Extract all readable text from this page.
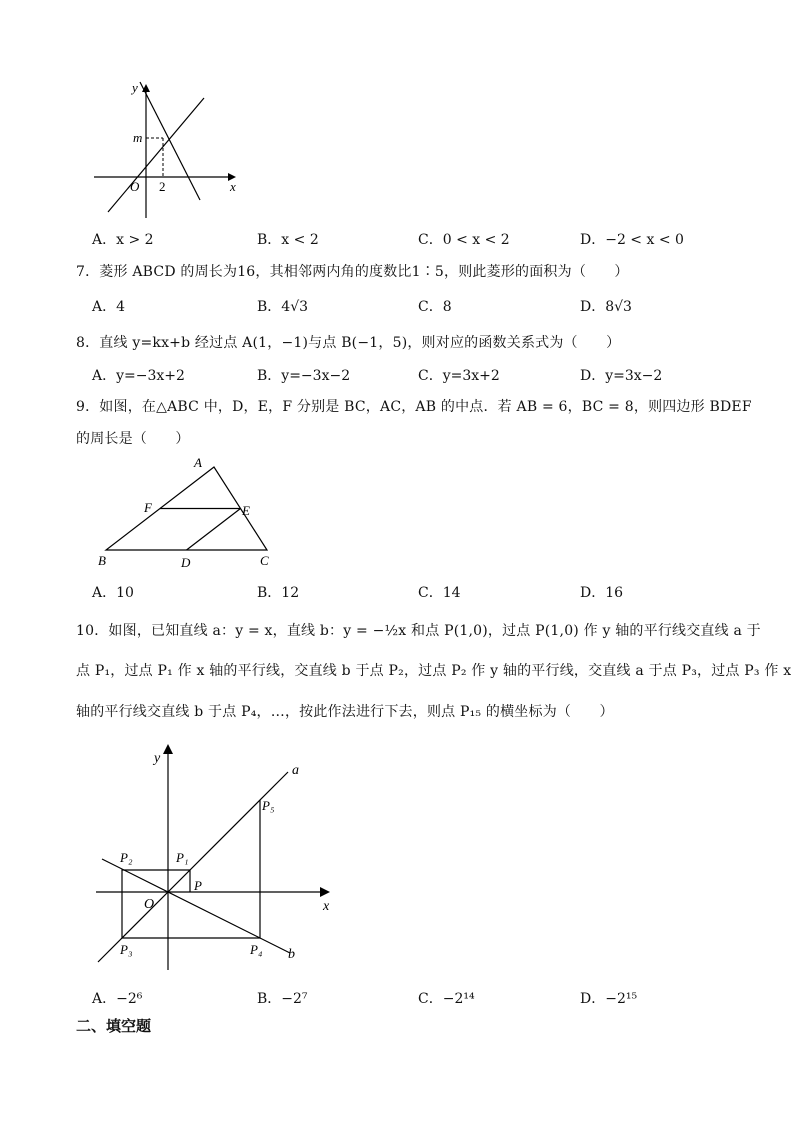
y
m
O 2	x
A．x > 2	B．x < 2	C．0 < x < 2	D．−2 < x < 0
7．菱形 ABCD 的周长为16，其相邻两内角的度数比1∶5，则此菱形的面积为（　　）
A．4	B．4√3	C．8	D．8√3
8．直线 y=kx+b 经过点 A(1，−1)与点 B(−1，5)，则对应的函数关系式为（　　）
A．y=−3x+2	B．y=−3x−2	C．y=3x+2	D．y=3x−2
9．如图，在△ABC 中，D，E，F 分别是 BC，AC，AB 的中点．若 AB = 6，BC = 8，则四边形 BDEF
的周长是（　　）
A
B	C
D
E
F
A．10	B．12	C．14	D．16
10．如图，已知直线 a：y = x，直线 b：y = −½x 和点 P(1,0)，过点 P(1,0) 作 y 轴的平行线交直线 a 于
点 P₁，过点 P₁ 作 x 轴的平行线，交直线 b 于点 P₂，过点 P₂ 作 y 轴的平行线，交直线 a 于点 P₃，过点 P₃ 作 x
轴的平行线交直线 b 于点 P₄，…，按此作法进行下去，则点 P₁₅ 的横坐标为（　　）
y
x
a
b
O
P
P₁
P₂
P₃	P₄
P₅
A．−2⁶	B．−2⁷	C．−2¹⁴	D．−2¹⁵
二、填空题
